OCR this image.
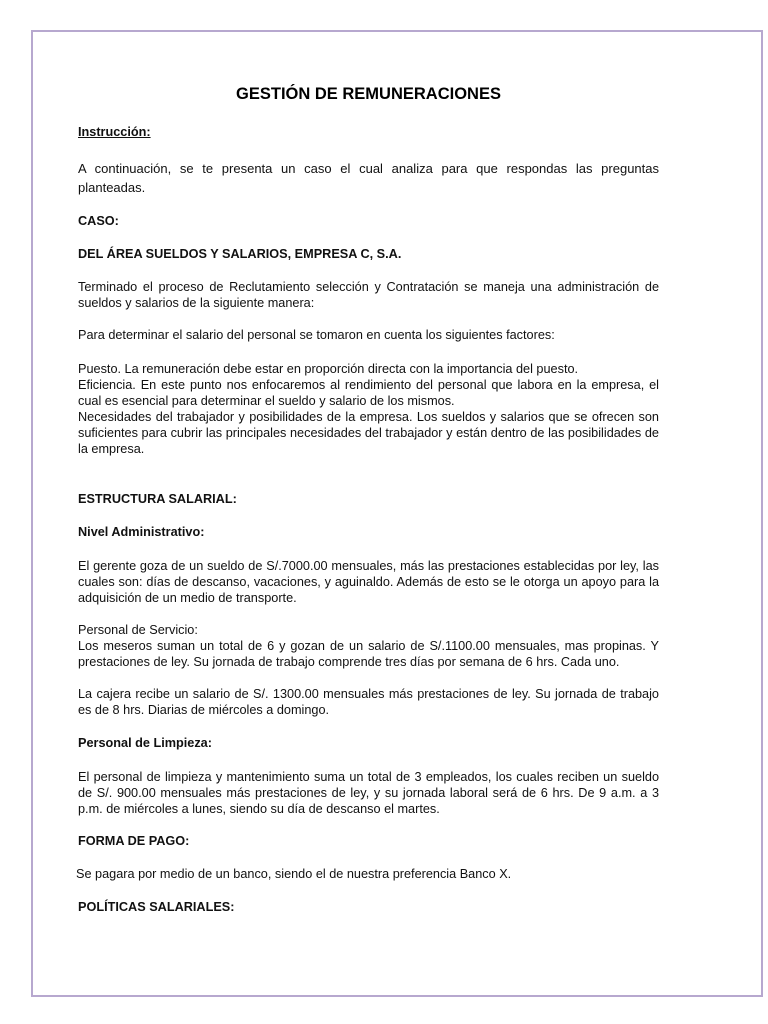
GESTIÓN DE REMUNERACIONES

Instrucción:

A continuación, se te presenta un caso el cual analiza para que respondas las preguntas planteadas.

CASO:

DEL ÁREA SUELDOS Y SALARIOS, EMPRESA C, S.A.

Terminado el proceso de Reclutamiento selección y Contratación se maneja una administración de sueldos y salarios de la siguiente manera:

Para determinar el salario del personal se tomaron en cuenta los siguientes factores:

Puesto. La remuneración debe estar en proporción directa con la importancia del puesto.

Eficiencia. En este punto nos enfocaremos al rendimiento del personal que labora en la empresa, el cual es esencial para determinar el sueldo y salario de los mismos.

Necesidades del trabajador y posibilidades de la empresa. Los sueldos y salarios que se ofrecen son suficientes para cubrir las principales necesidades del trabajador y están dentro de las posibilidades de la empresa.

ESTRUCTURA SALARIAL:

Nivel Administrativo:

El gerente goza de un sueldo de S/.7000.00 mensuales, más las prestaciones establecidas por ley, las cuales son: días de descanso, vacaciones, y aguinaldo. Además de esto se le otorga un apoyo para la adquisición de un medio de transporte.

Personal de Servicio:

Los meseros suman un total de 6 y gozan de un salario de S/.1100.00 mensuales, mas propinas. Y prestaciones de ley. Su jornada de trabajo comprende tres días por semana de 6 hrs. Cada uno.

La cajera recibe un salario de S/. 1300.00 mensuales más prestaciones de ley. Su jornada de trabajo es de 8 hrs. Diarias de miércoles a domingo.

Personal de Limpieza:

El personal de limpieza y mantenimiento suma un total de 3 empleados, los cuales reciben un sueldo de S/. 900.00 mensuales más prestaciones de ley, y su jornada laboral será de 6 hrs. De 9 a.m. a 3 p.m. de miércoles a lunes, siendo su día de descanso el martes.

FORMA DE PAGO:

Se pagara por medio de un banco, siendo el de nuestra preferencia Banco X.

POLÍTICAS SALARIALES:
